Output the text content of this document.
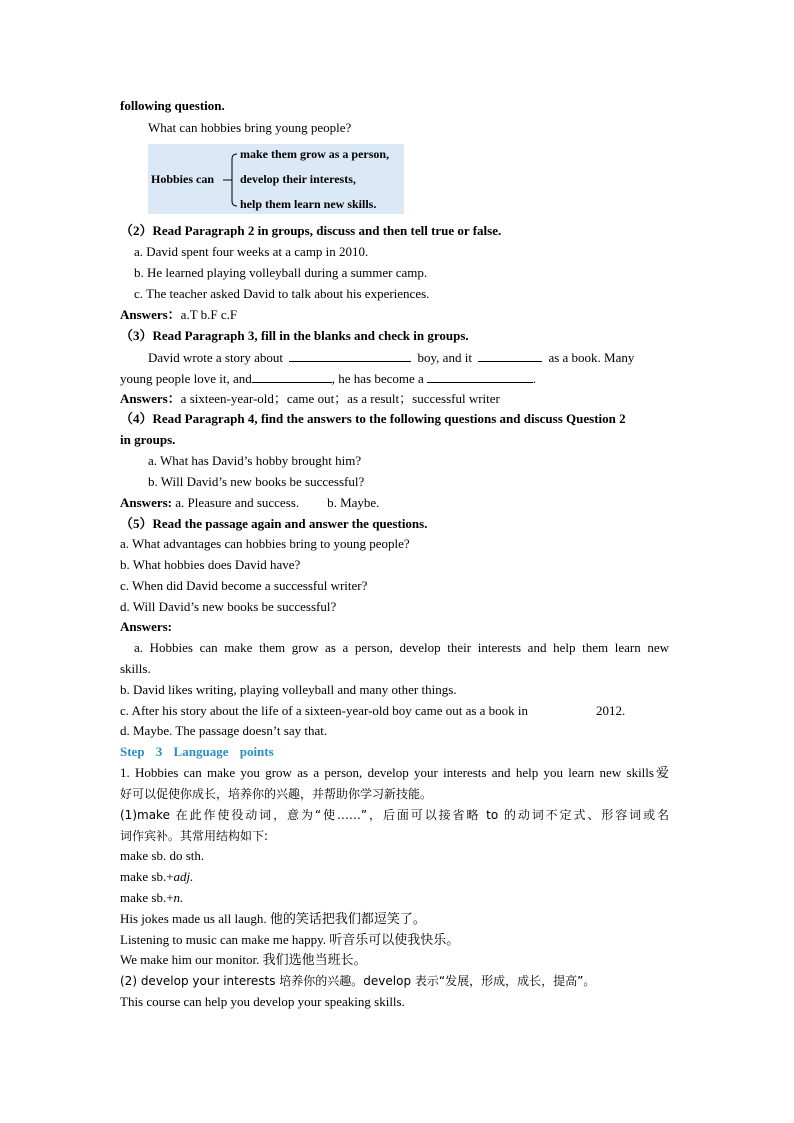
following question.
What can hobbies bring young people?
Hobbies can
make them grow as a person,
develop their interests,
help them learn new skills.
（2）Read Paragraph 2 in groups, discuss and then tell true or false.
a. David spent four weeks at a camp in 2010.
b. He learned playing volleyball during a summer camp.
c. The teacher asked David to talk about his experiences.
Answers：a.T b.F c.F
（3）Read Paragraph 3, fill in the blanks and check in groups.
David wrote a story about	boy, and it	as a book. Many
young people love it, and	, he has become a	.
Answers：a sixteen-year-old；came out；as a result；successful writer
（4）Read Paragraph 4, find the answers to the following questions and discuss Question 2
in groups.
a. What has David’s hobby brought him?
b. Will David’s new books be successful?
Answers: a. Pleasure and success. b. Maybe.
（5）Read the passage again and answer the questions.
a. What advantages can hobbies bring to young people?
b. What hobbies does David have?
c. When did David become a successful writer?
d. Will David’s new books be successful?
Answers:
a. Hobbies can make them grow as a person, develop their interests and help them learn new
skills.
b. David likes writing, playing volleyball and many other things.
c. After his story about the life of a sixteen-year-old boy came out as a book in	2012.
d. Maybe. The passage doesn’t say that.
Step 3 Language points
1. Hobbies can make you grow as a person, develop your interests and help you learn new skills爱
好可以促使你成长，培养你的兴趣，并帮助你学习新技能。
(1)make 在此作使役动词，意为“使……”，后面可以接省略 to 的动词不定式、形容词或名
词作宾补。其常用结构如下:
make sb. do sth.
make sb.+adj.
make sb.+n.
His jokes made us all laugh. 他的笑话把我们都逗笑了。
Listening to music can make me happy. 听音乐可以使我快乐。
We make him our monitor. 我们选他当班长。
(2) develop your interests 培养你的兴趣。develop 表示“发展，形成，成长，提高”。
This course can help you develop your speaking skills.
